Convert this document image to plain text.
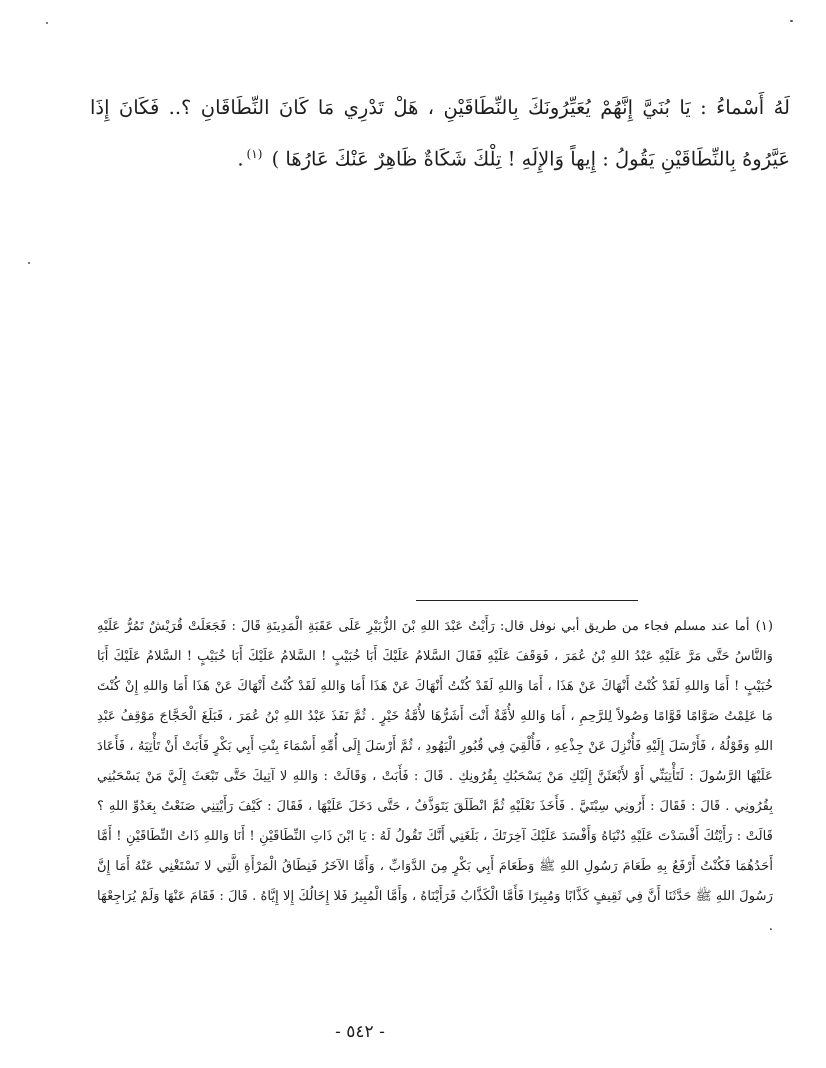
لَهُ أَسْماءُ : يَا بُنَيَّ إِنَّهُمْ يُعَيِّرُونَكَ بِالنِّطَاقَيْنِ ، هَلْ تَدْرِي مَا كَانَ النِّطَاقَانِ ؟.. فَكَانَ إِذَا عَيَّرُوهُ بِالنِّطَاقَيْنِ يَقُولُ : إِيهاً وَالإِلَهِ ! تِلْكَ شَكَاةٌ ظَاهِرٌ عَنْكَ عَارُهَا ) $^{(١)}$.

(١)أما عند مسلم فجاء من طريق أبي نوفل قال: رَأَيْتُ عَبْدَ اللهِ بْنَ الزُّبَيْرِ عَلَى عَقَبَةِ الْمَدِينَةِ قَالَ : فَجَعَلَتْ قُرَيْشٌ تَمُرُّ عَلَيْهِ وَالنَّاسُ حَتَّى مَرَّ عَلَيْهِ عَبْدُ اللهِ بْنُ عُمَرَ ، فَوَقَفَ عَلَيْهِ فَقَالَ السَّلامُ عَلَيْكَ أَبَا خُبَيْبٍ ! السَّلامُ عَلَيْكَ أَبَا خُبَيْبٍ ! السَّلامُ عَلَيْكَ أَبَا خُبَيْبٍ ! أَمَا وَاللهِ لَقَدْ كُنْتُ أَنْهَاكَ عَنْ هَذَا ، أَمَا وَاللهِ لَقَدْ كُنْتُ أَنْهَاكَ عَنْ هَذَا أَمَا وَاللهِ لَقَدْ كُنْتُ أَنْهَاكَ عَنْ هَذَا أَمَا وَاللهِ إِنْ كُنْتَ مَا عَلِمْتُ صَوَّامًا قَوَّامًا وَصُولاً لِلرَّحِمِ ، أَمَا وَاللهِ لأُمَّةٌ أَنْتَ أَشَرُّهَا لأُمَّةُ خَيْرٍ . ثُمَّ نَفَذَ عَبْدُ اللهِ بْنُ عُمَرَ ، فَبَلَغَ الْحَجَّاجَ مَوْقِفُ عَبْدِ اللهِ وَقَوْلُهُ ، فَأَرْسَلَ إِلَيْهِ فَأُنْزِلَ عَنْ جِذْعِهِ ، فَأُلْقِيَ فِي قُبُورِ الْيَهُودِ ، ثُمَّ أَرْسَلَ إِلَى أُمِّهِ أَسْمَاءَ بِنْتِ أَبِي بَكْرٍ فَأَبَتْ أَنْ تَأْتِيَهُ ، فَأَعَادَ عَلَيْهَا الرَّسُولَ : لَتَأْتِيَنِّي أَوْ لأَبْعَثَنَّ إِلَيْكِ مَنْ يَسْحَبُكِ بِقُرُونِكِ . قَالَ : فَأَبَتْ ، وَقَالَتْ : وَاللهِ لا آتِيكَ حَتَّى تَبْعَثَ إِلَيَّ مَنْ يَسْحَبُنِي بِقُرُونِي . قَالَ : فَقَالَ : أَرُونِي سِبْتَيَّ . فَأَخَذَ نَعْلَيْهِ ثُمَّ انْطَلَقَ يَتَوَذَّفُ ، حَتَّى دَخَلَ عَلَيْهَا ، فَقَالَ : كَيْفَ رَأَيْتِنِي صَنَعْتُ بِعَدُوِّ اللهِ ؟ قَالَتْ : رَأَيْتُكَ أَفْسَدْتَ عَلَيْهِ دُنْيَاهُ وَأَفْسَدَ عَلَيْكَ آخِرَتَكَ ، بَلَغَنِي أَنَّكَ تَقُولُ لَهُ : يَا ابْنَ ذَاتِ النِّطَاقَيْنِ ! أَنَا وَاللهِ ذَاتُ النِّطَاقَيْنِ ! أَمَّا أَحَدُهُمَا فَكُنْتُ أَرْفَعُ بِهِ طَعَامَ رَسُولِ اللهِ ﷺ وَطَعَامَ أَبِي بَكْرٍ مِنَ الدَّوَابِّ ، وَأَمَّا الآخَرُ فَنِطَاقُ الْمَرْأَةِ الَّتِي لا تَسْتَغْنِي عَنْهُ أَمَا إِنَّ رَسُولَ اللهِ ﷺ حَدَّثَنَا أَنَّ فِي ثَقِيفٍ كَذَّابًا وَمُبِيرًا فَأَمَّا الْكَذَّابُ فَرَأَيْنَاهُ ، وَأَمَّا الْمُبِيرُ فَلا إِخَالُكَ إِلا إِيَّاهُ . قَالَ : فَقَامَ عَنْهَا وَلَمْ يُرَاجِعْهَا .

- ٥٤٢ -
